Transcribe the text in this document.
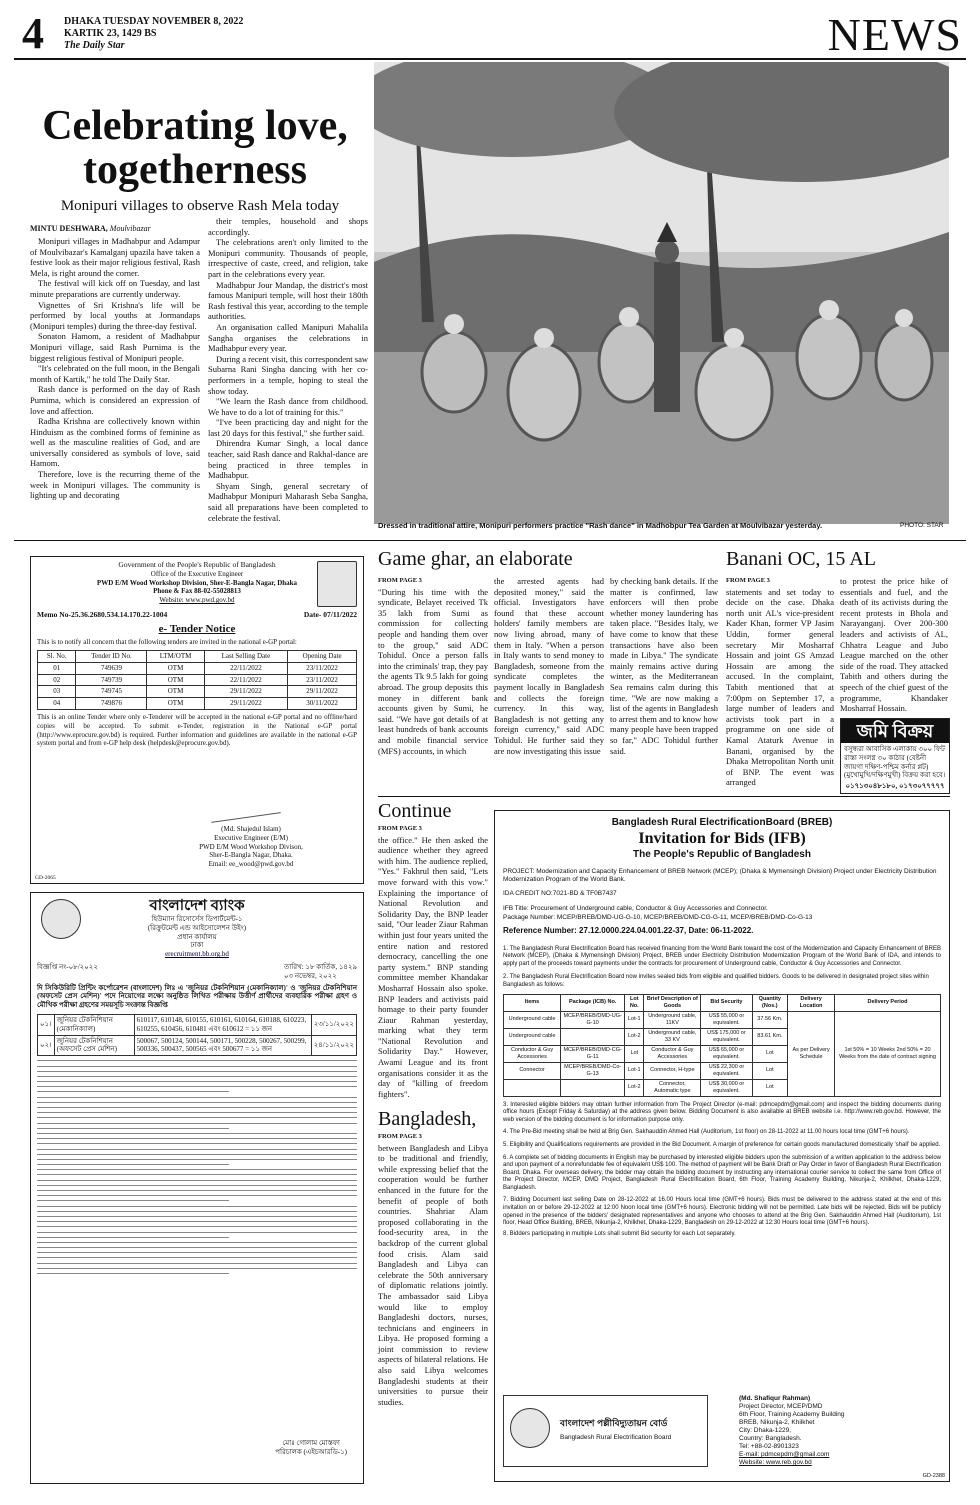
4 DHAKA TUESDAY NOVEMBER 8, 2022
KARTIK 23, 1429 BS
The Daily Star	NEWS
Celebrating love,
togetherness
Monipuri villages to observe Rash Mela today
MINTU DESHWARA, Moulvibazar

Monipuri villages in Madhabpur and Adampur of Moulvibazar's Kamalganj upazila have taken a festive look as their major religious festival, Rash Mela, is right around the corner.

The festival will kick off on Tuesday, and last minute preparations are currently underway.

Vignettes of Sri Krishna's life will be performed by local youths at Jormandaps (Monipuri temples) during the three-day festival.

Sonaton Hamom, a resident of Madhabpur Monipuri village, said Rash Purnima is the biggest religious festival of Monipuri people.

"It's celebrated on the full moon, in the Bengali month of Kartik," he told The Daily Star.

Rash dance is performed on the day of Rash Purnima, which is considered an expression of love and affection.

Radha Krishna are collectively known within Hinduism as the combined forms of feminine as well as the masculine realities of God, and are universally considered as symbols of love, said Hamom.

Therefore, love is the recurring theme of the week in Monipuri villages. The community is lighting up and decorating

their temples, household and shops accordingly.

The celebrations aren't only limited to the Monipuri community. Thousands of people, irrespective of caste, creed, and religion, take part in the celebrations every year.

Madhabpur Jour Mandap, the district's most famous Manipuri temple, will host their 180th Rash festival this year, according to the temple authorities.

An organisation called Manipuri Mahalila Sangha organises the celebrations in Madhabpur every year.

During a recent visit, this correspondent saw Subarna Rani Singha dancing with her co-performers in a temple, hoping to steal the show today.

"We learn the Rash dance from childhood. We have to do a lot of training for this."

"I've been practicing day and night for the last 20 days for this festival," she further said.

Dhirendra Kumar Singh, a local dance teacher, said Rash dance and Rakhal-dance are being practiced in three temples in Madhabpur.

Shyam Singh, general secretary of Madhabpur Monipuri Maharash Seba Sangha, said all preparations have been completed to celebrate the festival.

Dressed in traditional attire, Monipuri performers practice "Rash dance" in Madhobpur Tea Garden at Moulvibazar yesterday.	PHOTO: STAR
Government of the People's Republic of Bangladesh
Office of the Executive Engineer
PWD E/M Wood Workshop Division, Sher-E-Bangla Nagar, Dhaka
Phone & Fax 88-02-55028813
Website: www.pwd.gov.bd
Memo No-25.36.2680.534.14.170.22-1004	Date- 07/11/2022
e- Tender Notice
This is to notify all concern that the following tenders are invited in the national e-GP portal:
Sl. No.	Tender ID No.	LTM/OTM	Last Selling Date	Opening Date
01	749639	OTM	22/11/2022	23/11/2022
02	749739	OTM	22/11/2022	23/11/2022
03	749745	OTM	29/11/2022	29/11/2022
04	749876	OTM	29/11/2022	30/11/2022
This is an online Tender where only e-Tenderer will be accepted in the national e-GP portal and no offline/hard copies will be accepted. To submit e-Tender, registration in the National e-GP portal (http://www.eprocure.gov.bd) is required. Further information and guidelines are available in the national e-GP system portal and from e-GP help desk (helpdesk@eprocure.gov.bd).
(Md. Shajedul Islam)
Executive Engineer (E/M)
PWD E/M Wood Workshop Divison,
Sher-E-Bangla Nagar, Dhaka.
Email: ee_wood@pwd.gov.bd
GD-2065
বাংলাদেশ ব্যাংক
হিউম্যান রিসোর্সেস ডিপার্টমেন্ট-১
(রিক্রুটমেন্ট এন্ড আইসোলেশন উইং)
প্রধান কার্যালয়
ঢাকা
erecruitment.bb.org.bd
বিজ্ঞপ্তি নং-০৮/২০২২	তারিখ: ১৮ কার্তিক, ১৪২৯
০৩ নভেম্বর, ২০২২
দি সিকিউরিটি প্রিন্টিং কর্পোরেশন (বাংলাদেশ) লিঃ এ 'জুনিয়র টেকনিশিয়ান (মেকানিক্যাল)' ও 'জুনিয়র টেকনিশিয়ান (অফসেট প্রেস মেশিন)' পদে নিয়োগের লক্ষ্যে অনুষ্ঠিত লিখিত পরীক্ষায় উত্তীর্ণ প্রার্থীদের ব্যবহারিক পরীক্ষা গ্রহণ ও মৌখিক পরীক্ষা গ্রহণের সময়সূচি সংক্রান্ত বিজ্ঞপ্তি
০১।	জুনিয়র টেকনিশিয়ান (মেকানিক্যাল)	610117, 610148, 610155, 610161, 610164, 610188, 610223, 610255, 610456, 610481 এবং 610612 = ১১ জন	২৩/১১/২০২২
০২।	জুনিয়র টেকনিশিয়ান (অফসেট প্রেস মেশিন)	500067, 500124, 500144, 500171, 500228, 500267, 500299, 500336, 500437, 500565 এবং 500677 = ১১ জন	২৪/১১/২০২২
মোঃ গোলাম মোস্তফা
পরিচালক (এইচআরডি-১)
Game ghar, an elaborate
FROM PAGE 3
"During his time with the syndicate, Belayet received Tk 35 lakh from Sumi as commission for collecting people and handing them over to the group," said ADC Tohidul. Once a person falls into the criminals' trap, they pay the agents Tk 9.5 lakh for going abroad. The group deposits this money in different bank accounts given by Sumi, he said. "We have got details of at least hundreds of bank accounts and mobile financial service (MFS) accounts, in which
the arrested agents had deposited money," said the official. Investigators have found that these account holders' family members are now living abroad, many of them in Italy. "When a person in Italy wants to send money to Bangladesh, someone from the syndicate completes the payment locally in Bangladesh and collects the foreign currency. In this way, Bangladesh is not getting any foreign currency," said ADC Tohidul. He further said they are now investigating this issue
by checking bank details. If the matter is confirmed, law enforcers will then probe whether money laundering has taken place. "Besides Italy, we have come to know that these transactions have also been made in Libya." The syndicate mainly remains active during winter, as the Mediterranean Sea remains calm during this time. "We are now making a list of the agents in Bangladesh to arrest them and to know how many people have been trapped so far," ADC Tohidul further said.
Banani OC, 15 AL
FROM PAGE 3
statements and set today to decide on the case. Dhaka north unit AL's vice-president Kader Khan, former VP Jasim Uddin, former general secretary Mir Mosharraf Hossain and joint GS Amzad Hossain are among the accused. In the complaint, Tabith mentioned that at 7:00pm on September 17, a large number of leaders and activists took part in a programme on one side of Kamal Ataturk Avenue in Banani, organised by the Dhaka Metropolitan North unit of BNP. The event was arranged
to protest the price hike of essentials and fuel, and the death of its activists during the recent protests in Bhola and Narayanganj. Over 200-300 leaders and activists of AL, Chhatra League and Jubo League marched on the other side of the road. They attacked Tabith and others during the speech of the chief guest of the programme, Khandaker Mosharraf Hossain.
জমি বিক্রয়
বসুন্ধরা আবাসিক এলাকায় ৩০০ ফিট রাস্তা সংলগ্ন ৩০ কাঠার (বেষ্টনী জায়গা দক্ষিণ-পশ্চিম কর্নার প্লট) (মুখোমুখি/দক্ষিণমুখী) বিক্রয় করা হবে।
০১৭১৩০৪৮১৮০, ০১৭৩০৭৭৭৭৭
Continue
FROM PAGE 3
the office." He then asked the audience whether they agreed with him. The audience replied, "Yes." Fakhrul then said, "Lets move forward with this vow." Explaining the importance of National Revolution and Solidarity Day, the BNP leader said, "Our leader Ziaur Rahman within just four years united the entire nation and restored democracy, cancelling the one party system." BNP standing committee member Khandakar Mosharraf Hossain also spoke. BNP leaders and activists paid homage to their party founder Ziaur Rahman yesterday, marking what they term "National Revolution and Solidarity Day." However, Awami League and its front organisations consider it as the day of "killing of freedom fighters".
Bangladesh,
FROM PAGE 3
between Bangladesh and Libya to be traditional and friendly, while expressing belief that the cooperation would be further enhanced in the future for the benefit of people of both countries. Shahriar Alam proposed collaborating in the food-security area, in the backdrop of the current global food crisis. Alam said Bangladesh and Libya can celebrate the 50th anniversary of diplomatic relations jointly. The ambassador said Libya would like to employ Bangladeshi doctors, nurses, technicians and engineers in Libya. He proposed forming a joint commission to review aspects of bilateral relations. He also said Libya welcomes Bangladeshi students at their universities to pursue their studies.
Bangladesh Rural ElectrificationBoard (BREB)
Invitation for Bids (IFB)
The People's Republic of Bangladesh
PROJECT: Modernization and Capacity Enhancement of BREB Network (MCEP); (Dhaka & Mymensingh Division) Project under Electricity Distribution Modernization Program of the World Bank.
IDA CREDIT NO:7021-BD & TF0B7437
IFB Title: Procurement of Underground cable, Conductor & Guy Accessories and Connector.
Package Number: MCEP/BREB/DMD-UG-G-10, MCEP/BREB/DMD-CG-G-11, MCEP/BREB/DMD-Co-G-13
Reference Number: 27.12.0000.224.04.001.22-37, Date: 06-11-2022.
1. The Bangladesh Rural Electrification Board has received financing from the World Bank toward the cost of the Modernization and Capacity Enhancement of BREB Network (MCEP), (Dhaka & Mymensingh Division) Project, BREB under Electricity Distribution Modernization Program of the World Bank of IDA, and intends to apply part of the proceeds toward payments under the contracts for procurement of Underground cable, Conductor & Guy Accessories and Connector.
2. The Bangladesh Rural Electrification Board now invites sealed bids from eligible and qualified bidders. Goods to be delivered in designated project sites within Bangladesh as follows:
Items	Package (ICB) No.	Lot No.	Brief Description of Goods	Bid Security	Quantity (Nos.)	Delivery Location	Delivery Period
Underground cable	MCEP/BREB/DMD-UG-G-10	Lot-1	Underground cable, 11KV	US$ 55,000 or equivalent.	37.56 Km.	As per Delivery Schedule	1st 50% = 10 Weeks 2nd 50% = 20 Weeks from the date of contract signing
Underground cable		Lot-2	Underground cable, 33 KV	US$ 175,000 or equivalent.	83.61 Km.		
Conductor & Guy Accessories	MCEP/BREB/DMD-CG-G-11	Lot	Conductor & Guy Accessories	US$ 65,000 or equivalent.	Lot		
Connector	MCEP/BREB/DMD-Co-G-13	Lot-1	Connector, H-type	US$ 22,300 or equivalent.	Lot		
		Lot-2	Connector, Automatic type	US$ 30,000 or equivalent.	Lot		
3. Interested eligible bidders may obtain further information from The Project Director (e-mail: pdmcepdm@gmail.com) and inspect the bidding documents during office hours (Except Friday & Saturday) at the address given below. Bidding Document is also available at BREB website i.e. http://www.reb.gov.bd. However, the web version of the bidding document is for information purpose only.
4. The Pre-Bid meeting shall be held at Brig Gen. Sakhauddin Ahmed Hall (Auditorium, 1st floor) on 28-11-2022 at 11.00 hours local time (GMT+6 hours).
5. Eligibility and Qualifications requirements are provided in the Bid Document. A margin of preference for certain goods manufactured domestically 'shall' be applied.
6. A complete set of bidding documents in English may be purchased by interested eligible bidders upon the submission of a written application to the address below and upon payment of a nonrefundable fee of equivalent US$ 100. The method of payment will be Bank Draft or Pay Order in favor of Bangladesh Rural Electrification Board, Dhaka. For overseas delivery, the bidder may obtain the bidding document by instructing any international courier service to collect the same from Office of the Project Director, MCEP, DMD Project, Bangladesh Rural Electrification Board, 6th Floor, Training Academy Building, Nikunja-2, Khilkhet, Dhaka-1229, Bangladesh.
7. Bidding Document last selling Date on 28-12-2022 at 16.00 Hours local time (GMT+6 hours). Bids must be delivered to the address stated at the end of this invitation on or before 29-12-2022 at 12:00 Noon local time (GMT+6 hours). Electronic bidding will not be permitted. Late bids will be rejected. Bids will be publicly opened in the presence of the bidders' designated representatives and anyone who chooses to attend at the Brig Gen. Sakhauddin Ahmed Hall (Auditorium), 1st floor, Head Office Building, BREB, Nikunja-2, Khilkhet, Dhaka-1229, Bangladesh on 29-12-2022 at 12:30 Hours local time (GMT+6 hours).
8. Bidders participating in multiple Lots shall submit Bid security for each Lot separately.
বাংলাদেশ পল্লীবিদ্যুতায়ন বোর্ড
Bangladesh Rural Electrification Board
(Md. Shafiqur Rahman)
Project Director, MCEP/DMD
6th Floor, Training Academy Building
BREB, Nikunja-2, Khilkhet
City: Dhaka-1229,
Country: Bangladesh.
Tel: +88-02-8901323
E-mail: pdmcepdm@gmail.com
Website: www.reb.gov.bd
GD-2388
